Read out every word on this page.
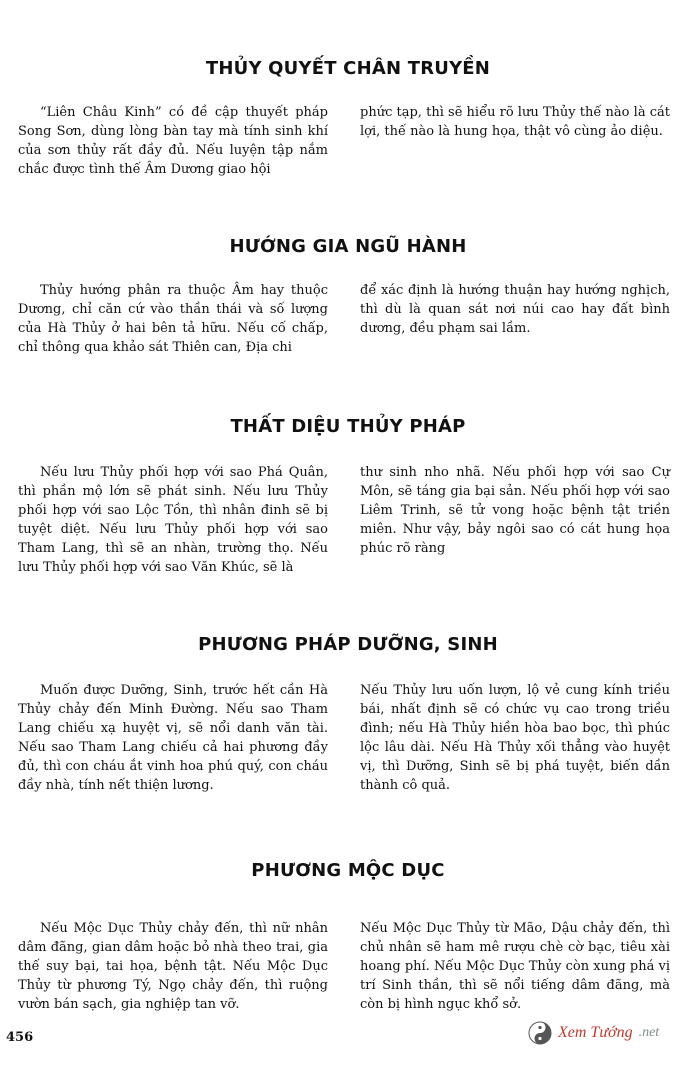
THỦY QUYẾT CHÂN TRUYỀN

“Liên Châu Kinh” có đề cập thuyết pháp Song Sơn, dùng lòng bàn tay mà tính sinh khí của sơn thủy rất đầy đủ. Nếu luyện tập nắm chắc được tình thế Âm Dương giao hội

phức tạp, thì sẽ hiểu rõ lưu Thủy thế nào là cát lợi, thế nào là hung họa, thật vô cùng ảo diệu.

HƯỚNG GIA NGŨ HÀNH

Thủy hướng phân ra thuộc Âm hay thuộc Dương, chỉ căn cứ vào thần thái và số lượng của Hà Thủy ở hai bên tả hữu. Nếu cố chấp, chỉ thông qua khảo sát Thiên can, Địa chi

để xác định là hướng thuận hay hướng nghịch, thì dù là quan sát nơi núi cao hay đất bình dương, đều phạm sai lầm.

THẤT DIỆU THỦY PHÁP

Nếu lưu Thủy phối hợp với sao Phá Quân, thì phần mộ lớn sẽ phát sinh. Nếu lưu Thủy phối hợp với sao Lộc Tồn, thì nhân đinh sẽ bị tuyệt diệt. Nếu lưu Thủy phối hợp với sao Tham Lang, thì sẽ an nhàn, trường thọ. Nếu lưu Thủy phối hợp với sao Văn Khúc, sẽ là

thư sinh nho nhã. Nếu phối hợp với sao Cự Môn, sẽ táng gia bại sản. Nếu phối hợp với sao Liêm Trinh, sẽ tử vong hoặc bệnh tật triền miên. Như vậy, bảy ngôi sao có cát hung họa phúc rõ ràng

PHƯƠNG PHÁP DƯỠNG, SINH

Muốn được Dưỡng, Sinh, trước hết cần Hà Thủy chảy đến Minh Đường. Nếu sao Tham Lang chiếu xạ huyệt vị, sẽ nổi danh văn tài. Nếu sao Tham Lang chiếu cả hai phương đầy đủ, thì con cháu ắt vinh hoa phú quý, con cháu đầy nhà, tính nết thiện lương.

Nếu Thủy lưu uốn lượn, lộ vẻ cung kính triều bái, nhất định sẽ có chức vụ cao trong triều đình; nếu Hà Thủy hiền hòa bao bọc, thì phúc lộc lâu dài. Nếu Hà Thủy xối thẳng vào huyệt vị, thì Dưỡng, Sinh sẽ bị phá tuyệt, biến dần thành cô quả.

PHƯƠNG MỘC DỤC

Nếu Mộc Dục Thủy chảy đến, thì nữ nhân dâm đãng, gian dâm hoặc bỏ nhà theo trai, gia thế suy bại, tai họa, bệnh tật. Nếu Mộc Dục Thủy từ phương Tý, Ngọ chảy đến, thì ruộng vườn bán sạch, gia nghiệp tan vỡ.

Nếu Mộc Dục Thủy từ Mão, Dậu chảy đến, thì chủ nhân sẽ ham mê rượu chè cờ bạc, tiêu xài hoang phí. Nếu Mộc Dục Thủy còn xung phá vị trí Sinh thần, thì sẽ nổi tiếng dâm đãng, mà còn bị hình ngục khổ sở.

456	Xem Tướng .net
